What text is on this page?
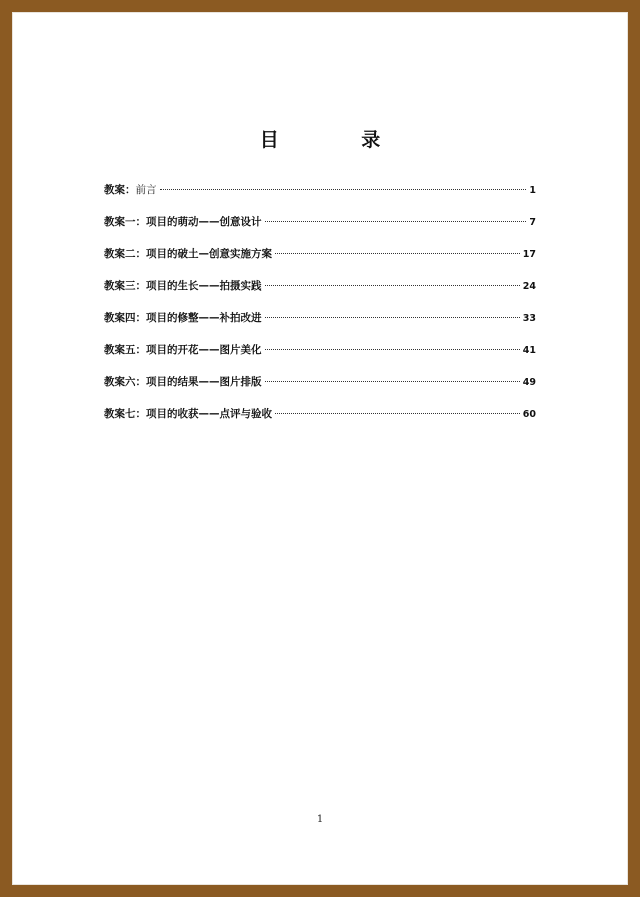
目 录
教案：前言	1
教案一：项目的萌动——创意设计	7
教案二：项目的破土—创意实施方案	17
教案三：项目的生长——拍摄实践	24
教案四：项目的修整——补拍改进	33
教案五：项目的开花——图片美化	41
教案六：项目的结果——图片排版	49
教案七：项目的收获——点评与验收	60
1
